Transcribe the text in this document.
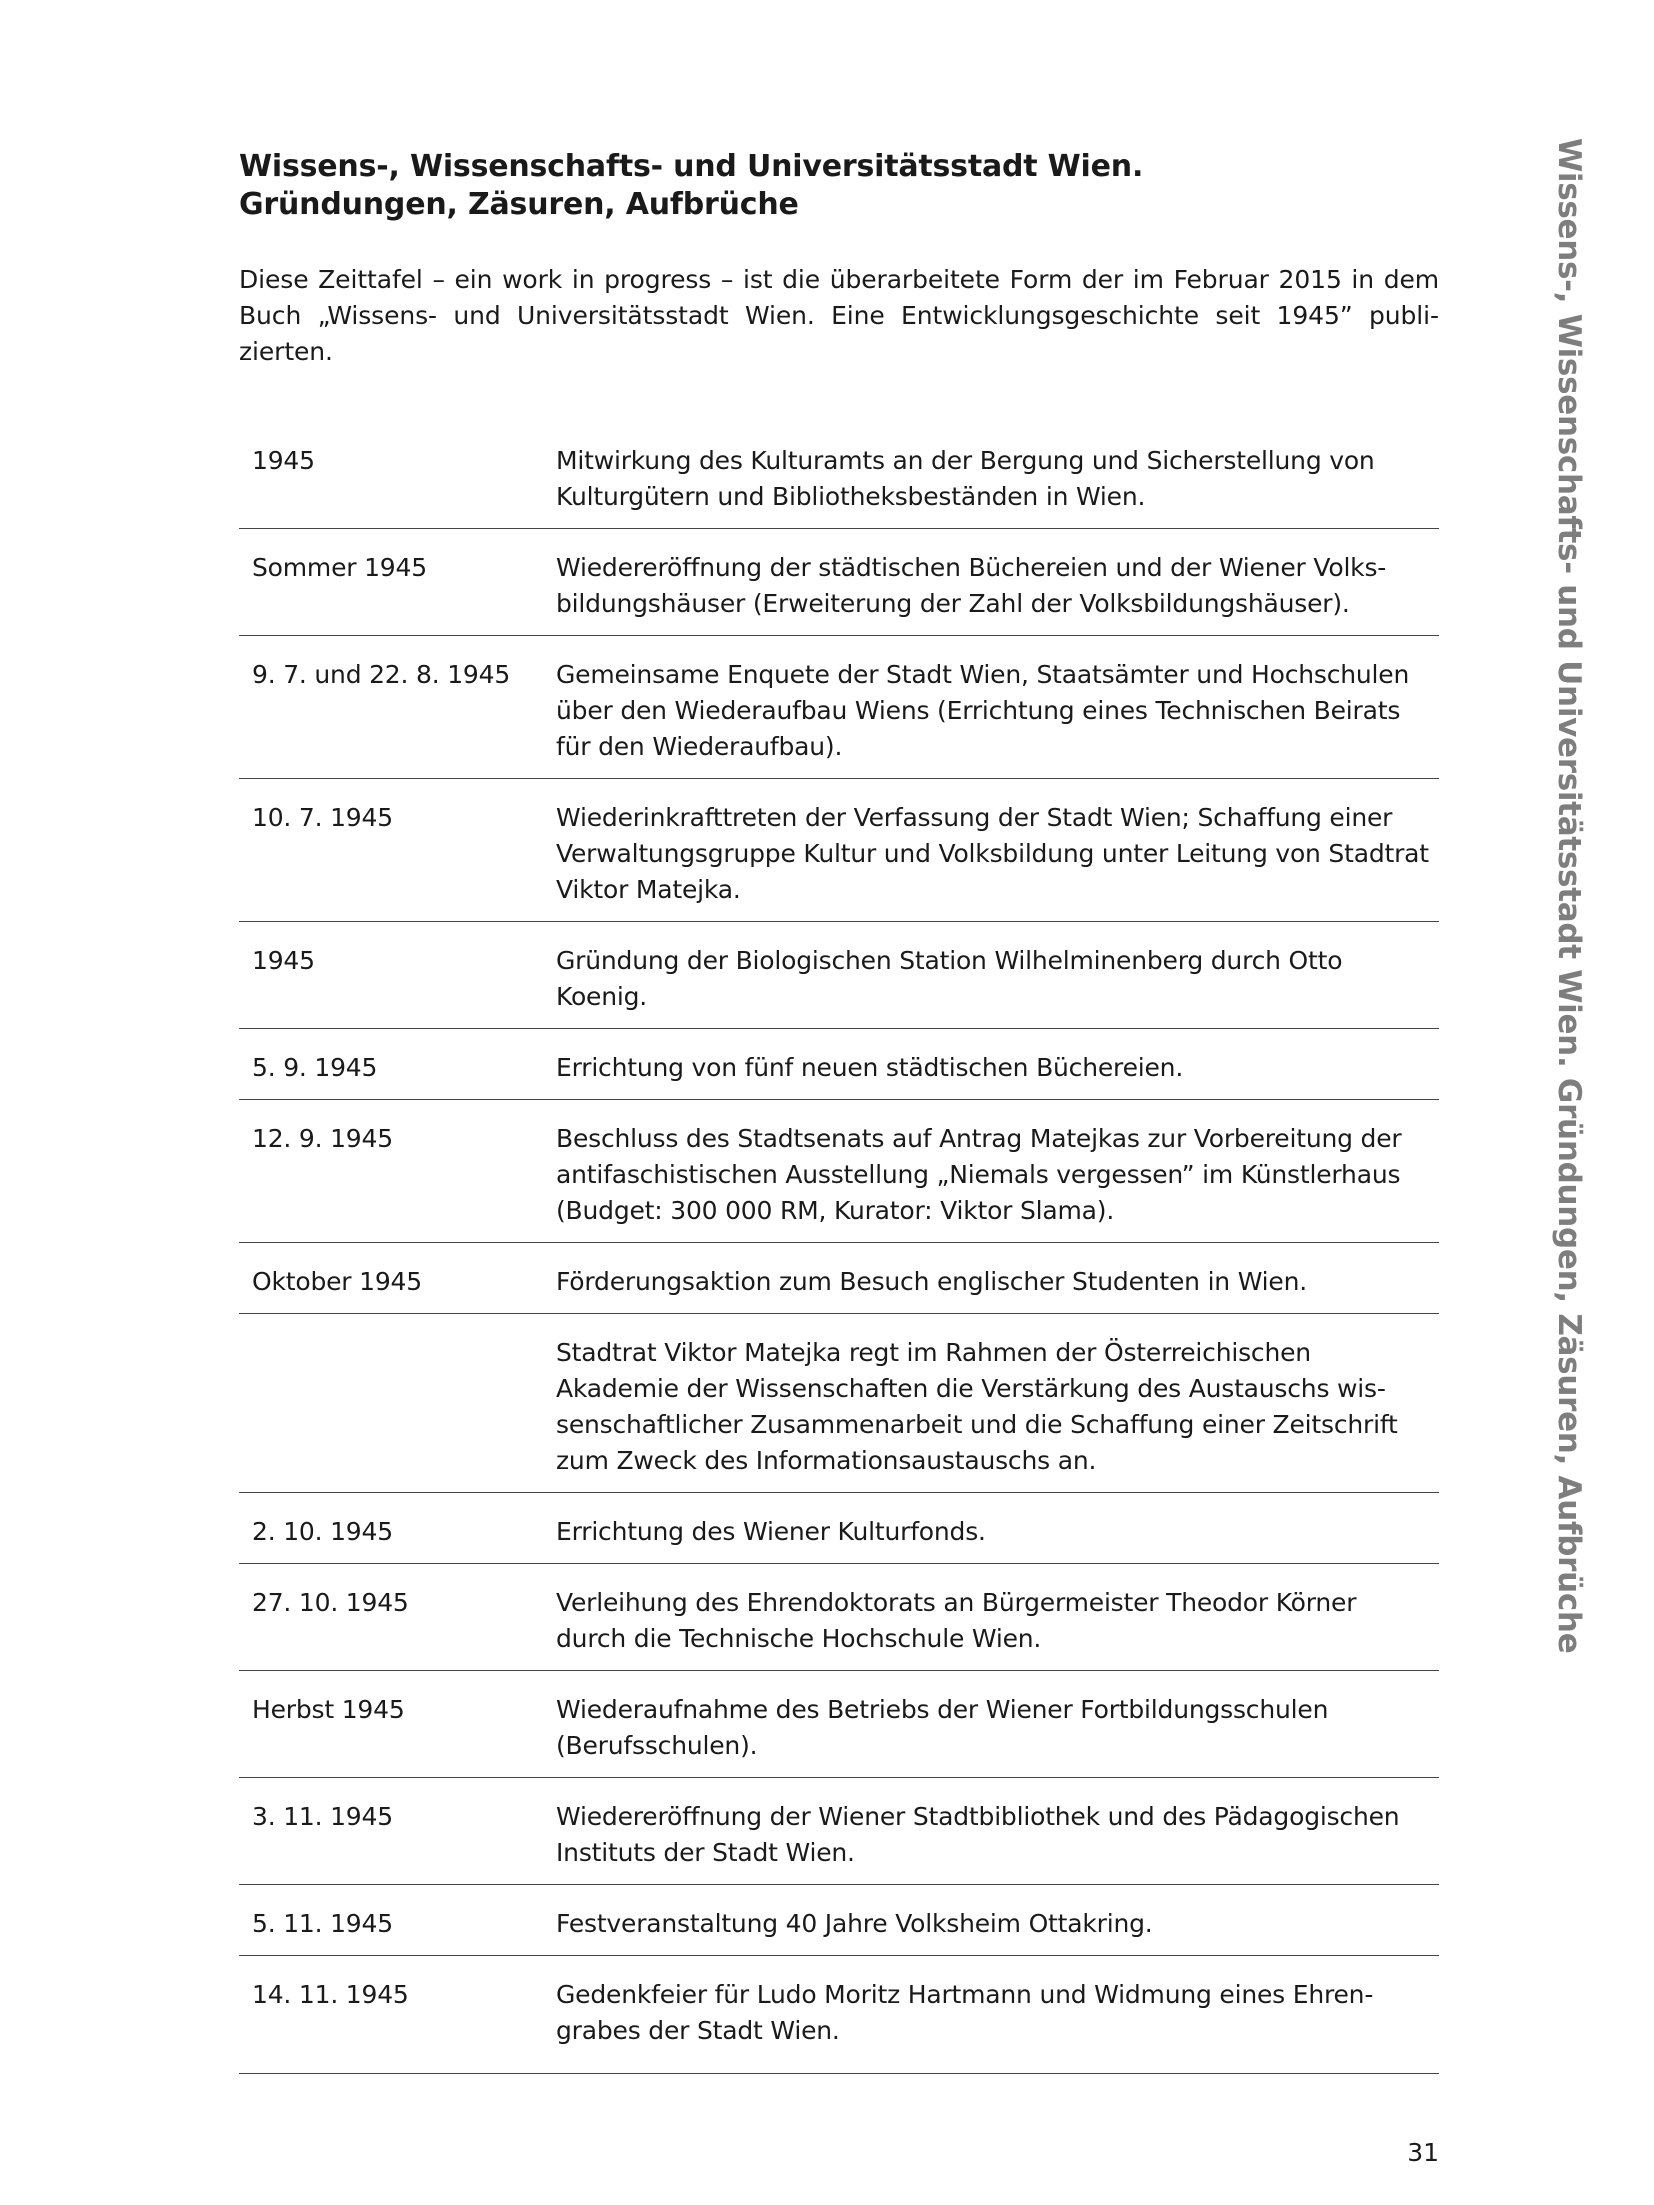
Wissens-, Wissenschafts- und Universitätsstadt Wien.
Gründungen, Zäsuren, Aufbrüche

Diese Zeittafel – ein work in progress – ist die überarbeitete Form der im Februar 2015 in dem Buch „Wissens- und Universitätsstadt Wien. Eine Entwicklungsgeschichte seit 1945” publizierten.

1945	Mitwirkung des Kulturamts an der Bergung und Sicherstellung von Kulturgütern und Bibliotheksbeständen in Wien.
Sommer 1945	Wiedereröffnung der städtischen Büchereien und der Wiener Volksbildungshäuser (Erweiterung der Zahl der Volksbildungshäuser).
9. 7. und 22. 8. 1945	Gemeinsame Enquete der Stadt Wien, Staatsämter und Hochschulen über den Wiederaufbau Wiens (Errichtung eines Technischen Beirats für den Wiederaufbau).
10. 7. 1945	Wiederinkrafttreten der Verfassung der Stadt Wien; Schaffung einer Verwaltungsgruppe Kultur und Volksbildung unter Leitung von Stadtrat Viktor Matejka.
1945	Gründung der Biologischen Station Wilhelminenberg durch Otto Koenig.
5. 9. 1945	Errichtung von fünf neuen städtischen Büchereien.
12. 9. 1945	Beschluss des Stadtsenats auf Antrag Matejkas zur Vorbereitung der antifaschistischen Ausstellung „Niemals vergessen” im Künstlerhaus (Budget: 300 000 RM, Kurator: Viktor Slama).
Oktober 1945	Förderungsaktion zum Besuch englischer Studenten in Wien.
	Stadtrat Viktor Matejka regt im Rahmen der Österreichischen Akademie der Wissenschaften die Verstärkung des Austauschs wissenschaftlicher Zusammenarbeit und die Schaffung einer Zeitschrift zum Zweck des Informationsaustauschs an.
2. 10. 1945	Errichtung des Wiener Kulturfonds.
27. 10. 1945	Verleihung des Ehrendoktorats an Bürgermeister Theodor Körner durch die Technische Hochschule Wien.
Herbst 1945	Wiederaufnahme des Betriebs der Wiener Fortbildungsschulen (Berufsschulen).
3. 11. 1945	Wiedereröffnung der Wiener Stadtbibliothek und des Pädagogischen Instituts der Stadt Wien.
5. 11. 1945	Festveranstaltung 40 Jahre Volksheim Ottakring.
14. 11. 1945	Gedenkfeier für Ludo Moritz Hartmann und Widmung eines Ehrengrabes der Stadt Wien.
Wissens-, Wissenschafts- und Universitätsstadt Wien. Gründungen, Zäsuren, Aufbrüche
31
